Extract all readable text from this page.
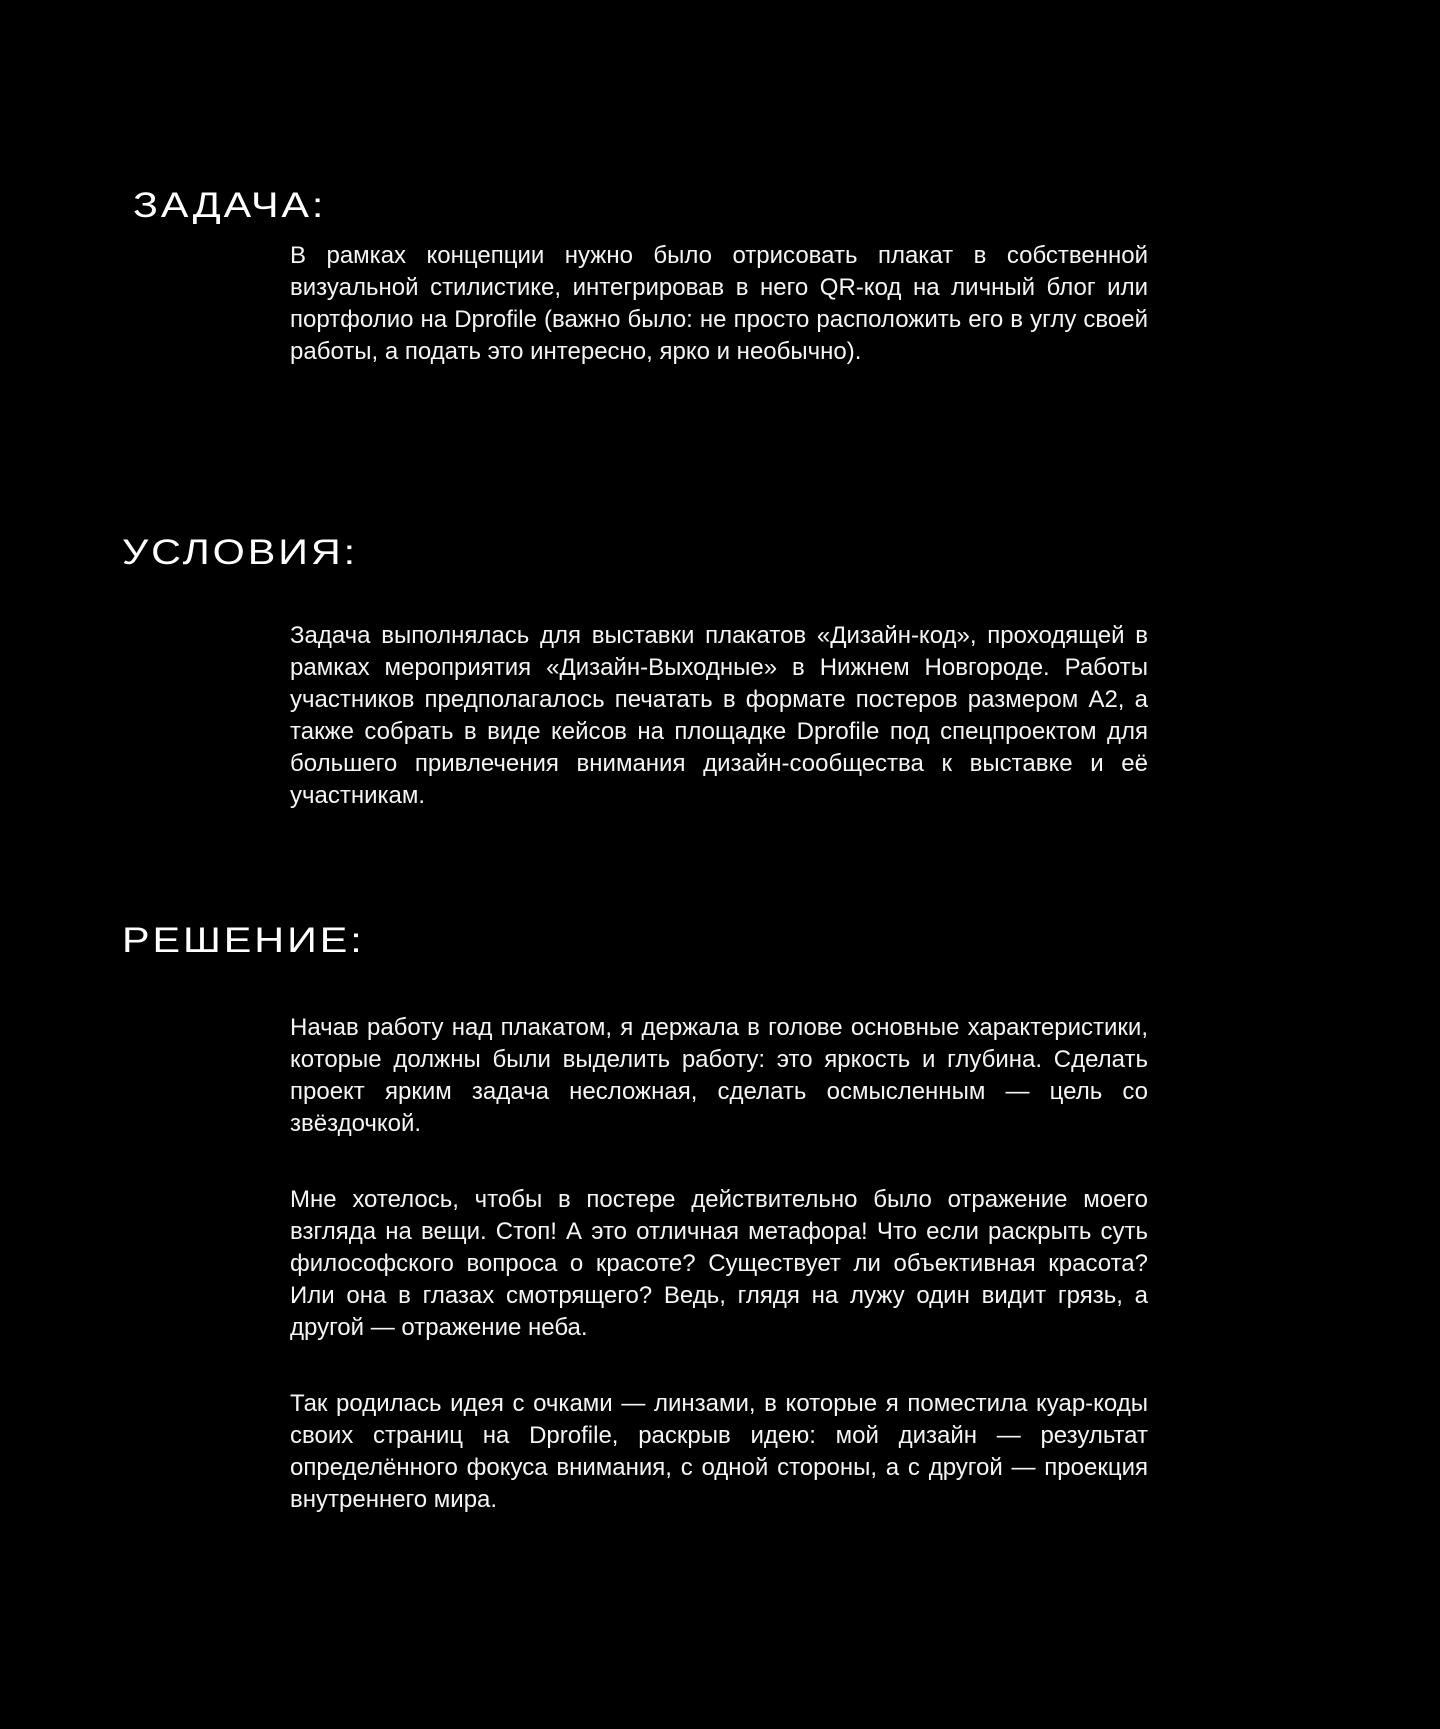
ЗАДАЧА:

В рамках концепции нужно было отрисовать плакат в собственной визуальной стилистике, интегрировав в него QR-код на личный блог или портфолио на Dprofile (важно было: не просто расположить его в углу своей работы, а подать это интересно, ярко и необычно).

УСЛОВИЯ:

Задача выполнялась для выставки плакатов «Дизайн-код», проходящей в рамках мероприятия «Дизайн-Выходные» в Нижнем Новгороде. Работы участников предполагалось печатать в формате постеров размером А2, а также собрать в виде кейсов на площадке Dprofile под спецпроектом для большего привлечения внимания дизайн-сообщества к выставке и её участникам.

РЕШЕНИЕ:

Начав работу над плакатом, я держала в голове основные характеристики, которые должны были выделить работу: это яркость и глубина. Сделать проект ярким задача несложная, сделать осмысленным — цель со звёздочкой.

Мне хотелось, чтобы в постере действительно было отражение моего взгляда на вещи. Стоп! А это отличная метафора! Что если раскрыть суть философского вопроса о красоте? Существует ли объективная красота? Или она в глазах смотрящего? Ведь, глядя на лужу один видит грязь, а другой — отражение неба.

Так родилась идея с очками — линзами, в которые я поместила куар-коды своих страниц на Dprofile, раскрыв идею: мой дизайн — результат определённого фокуса внимания, с одной стороны, а с другой — проекция внутреннего мира.
